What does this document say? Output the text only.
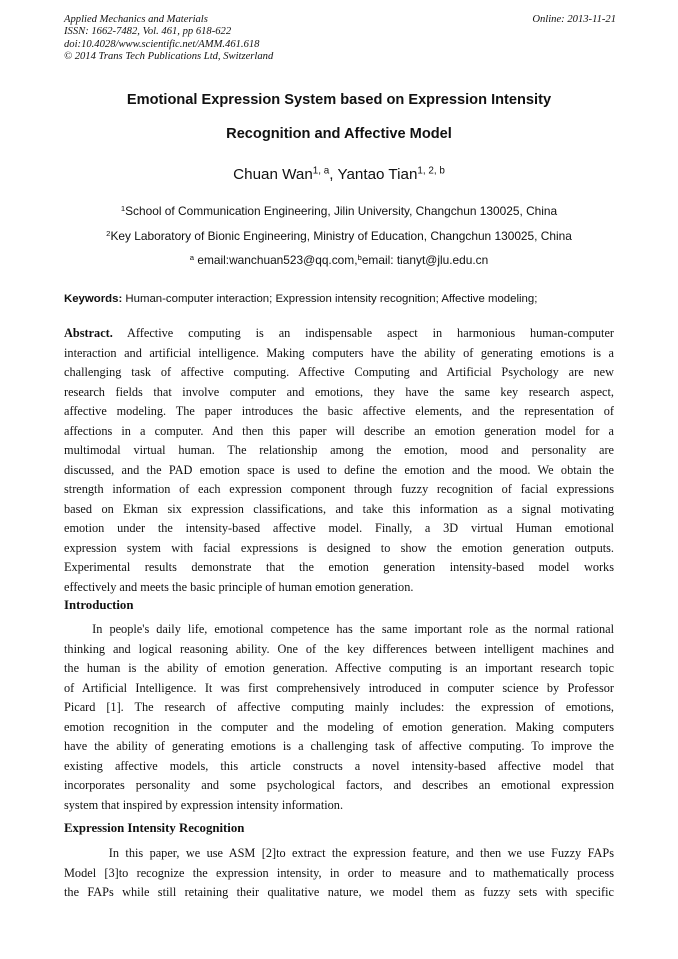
Applied Mechanics and Materials
ISSN: 1662-7482, Vol. 461, pp 618-622
doi:10.4028/www.scientific.net/AMM.461.618
© 2014 Trans Tech Publications Ltd, Switzerland
Online: 2013-11-21
Emotional Expression System based on Expression Intensity
Recognition and Affective Model
Chuan Wan$^{1, a}$, Yantao Tian$^{1, 2, b}$
$^1$School of Communication Engineering, Jilin University, Changchun 130025, China
$^2$Key Laboratory of Bionic Engineering, Ministry of Education, Changchun 130025, China
$^a$ email:wanchuan523@qq.com,$^b$email: tianyt@jlu.edu.cn
Keywords: Human-computer interaction; Expression intensity recognition; Affective modeling;
Abstract. Affective computing is an indispensable aspect in harmonious human-computer
interaction and artificial intelligence. Making computers have the ability of generating emotions is a
challenging task of affective computing. Affective Computing and Artificial Psychology are new
research fields that involve computer and emotions, they have the same key research aspect,
affective modeling. The paper introduces the basic affective elements, and the representation of
affections in a computer. And then this paper will describe an emotion generation model for a
multimodal virtual human. The relationship among the emotion, mood and personality are
discussed, and the PAD emotion space is used to define the emotion and the mood. We obtain the
strength information of each expression component through fuzzy recognition of facial expressions
based on Ekman six expression classifications, and take this information as a signal motivating
emotion under the intensity-based affective model. Finally, a 3D virtual Human emotional
expression system with facial expressions is designed to show the emotion generation outputs.
Experimental results demonstrate that the emotion generation intensity-based model works
effectively and meets the basic principle of human emotion generation.
Introduction
In people's daily life, emotional competence has the same important role as the normal rational
thinking and logical reasoning ability. One of the key differences between intelligent machines and
the human is the ability of emotion generation. Affective computing is an important research topic
of Artificial Intelligence. It was first comprehensively introduced in computer science by Professor
Picard [1]. The research of affective computing mainly includes: the expression of emotions,
emotion recognition in the computer and the modeling of emotion generation. Making computers
have the ability of generating emotions is a challenging task of affective computing. To improve the
existing affective models, this article constructs a novel intensity-based affective model that
incorporates personality and some psychological factors, and describes an emotional expression
system that inspired by expression intensity information.
Expression Intensity Recognition
In this paper, we use ASM [2]to extract the expression feature, and then we use Fuzzy FAPs
Model [3]to recognize the expression intensity, in order to measure and to mathematically process
the FAPs while still retaining their qualitative nature, we model them as fuzzy sets with specific
